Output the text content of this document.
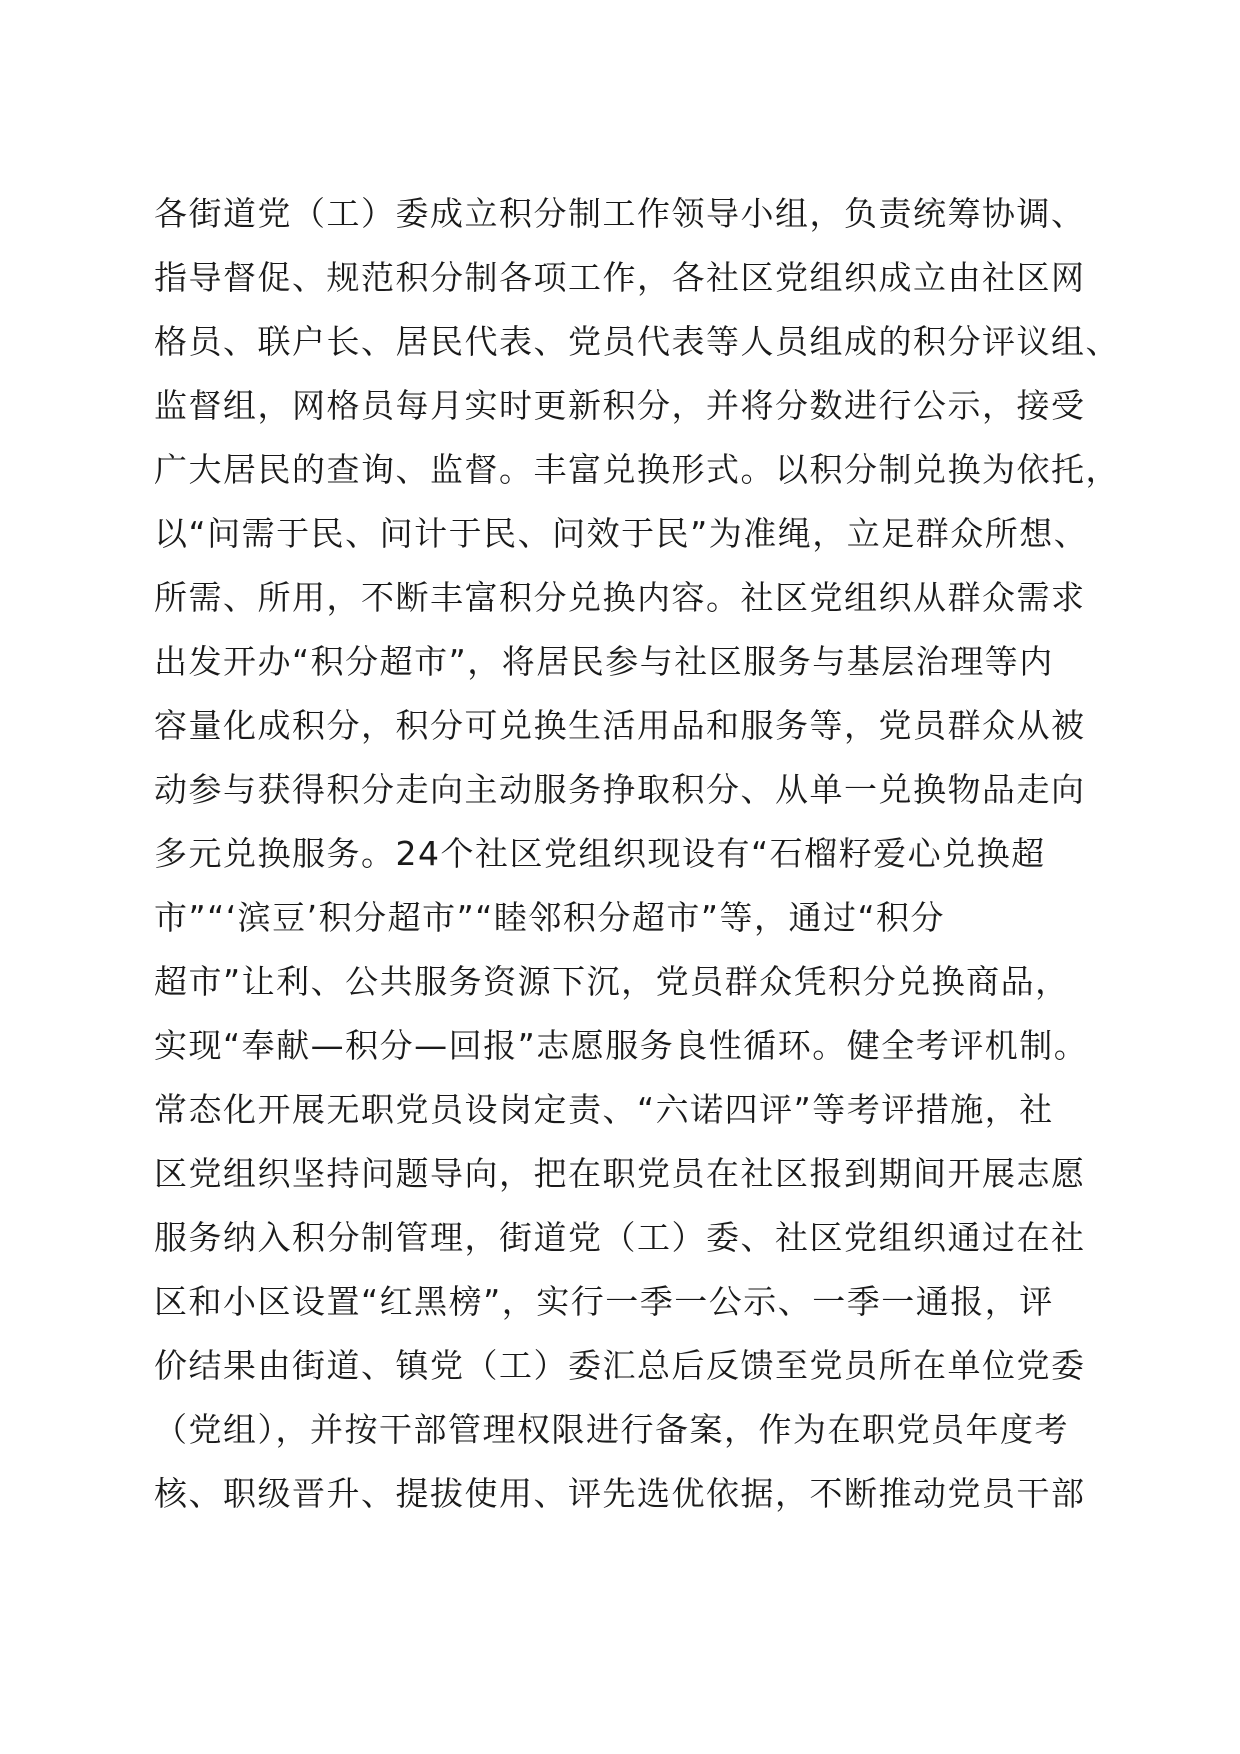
各街道党（工）委成立积分制工作领导小组，负责统筹协调、
指导督促、规范积分制各项工作，各社区党组织成立由社区网
格员、联户长、居民代表、党员代表等人员组成的积分评议组、
监督组，网格员每月实时更新积分，并将分数进行公示，接受
广大居民的查询、监督。丰富兑换形式。以积分制兑换为依托，
以“问需于民、问计于民、问效于民”为准绳，立足群众所想、
所需、所用，不断丰富积分兑换内容。社区党组织从群众需求
出发开办“积分超市”，将居民参与社区服务与基层治理等内
容量化成积分，积分可兑换生活用品和服务等，党员群众从被
动参与获得积分走向主动服务挣取积分、从单一兑换物品走向
多元兑换服务。24个社区党组织现设有“石榴籽爱心兑换超
市”“‘滨豆’积分超市”“睦邻积分超市”等，通过“积分
超市”让利、公共服务资源下沉，党员群众凭积分兑换商品，
实现“奉献—积分—回报”志愿服务良性循环。健全考评机制。
常态化开展无职党员设岗定责、“六诺四评”等考评措施，社
区党组织坚持问题导向，把在职党员在社区报到期间开展志愿
服务纳入积分制管理，街道党（工）委、社区党组织通过在社
区和小区设置“红黑榜”，实行一季一公示、一季一通报，评
价结果由街道、镇党（工）委汇总后反馈至党员所在单位党委
（党组），并按干部管理权限进行备案，作为在职党员年度考
核、职级晋升、提拔使用、评先选优依据，不断推动党员干部
